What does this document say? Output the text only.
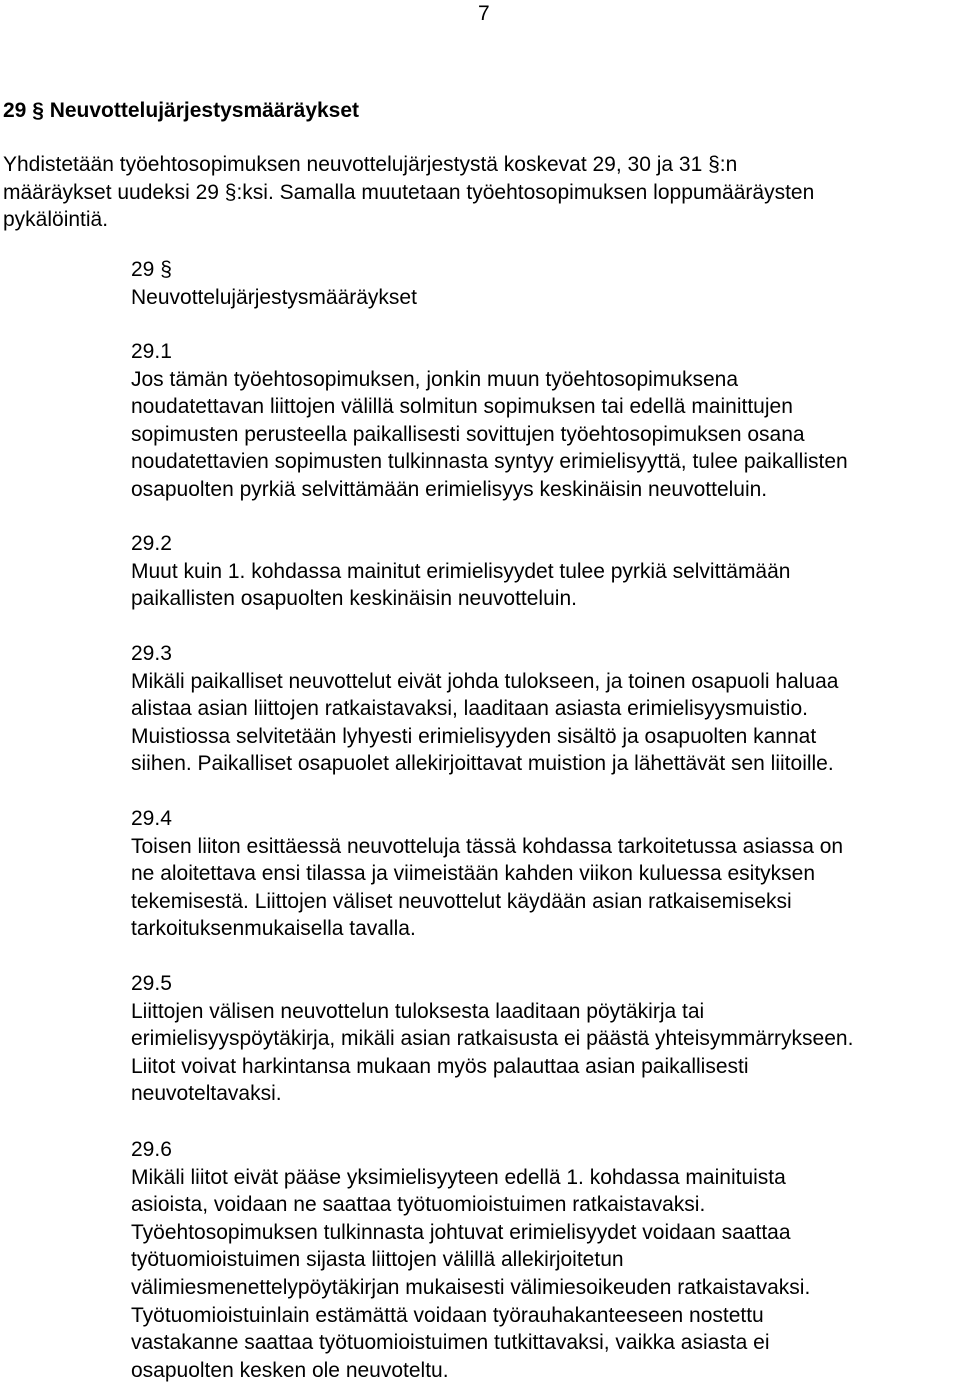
7
29 § Neuvottelujärjestysmääräykset
Yhdistetään työehtosopimuksen neuvottelujärjestystä koskevat 29, 30 ja 31 §:n
määräykset uudeksi 29 §:ksi. Samalla muutetaan työehtosopimuksen loppumääräysten
pykälöintiä.
29 §
Neuvottelujärjestysmääräykset
29.1
Jos tämän työehtosopimuksen, jonkin muun työehtosopimuksena
noudatettavan liittojen välillä solmitun sopimuksen tai edellä mainittujen
sopimusten perusteella paikallisesti sovittujen työehtosopimuksen osana
noudatettavien sopimusten tulkinnasta syntyy erimielisyyttä, tulee paikallisten
osapuolten pyrkiä selvittämään erimielisyys keskinäisin neuvotteluin.
29.2
Muut kuin 1. kohdassa mainitut erimielisyydet tulee pyrkiä selvittämään
paikallisten osapuolten keskinäisin neuvotteluin.
29.3
Mikäli paikalliset neuvottelut eivät johda tulokseen, ja toinen osapuoli haluaa
alistaa asian liittojen ratkaistavaksi, laaditaan asiasta erimielisyysmuistio.
Muistiossa selvitetään lyhyesti erimielisyyden sisältö ja osapuolten kannat
siihen. Paikalliset osapuolet allekirjoittavat muistion ja lähettävät sen liitoille.
29.4
Toisen liiton esittäessä neuvotteluja tässä kohdassa tarkoitetussa asiassa on
ne aloitettava ensi tilassa ja viimeistään kahden viikon kuluessa esityksen
tekemisestä. Liittojen väliset neuvottelut käydään asian ratkaisemiseksi
tarkoituksenmukaisella tavalla.
29.5
Liittojen välisen neuvottelun tuloksesta laaditaan pöytäkirja tai
erimielisyyspöytäkirja, mikäli asian ratkaisusta ei päästä yhteisymmärrykseen.
Liitot voivat harkintansa mukaan myös palauttaa asian paikallisesti
neuvoteltavaksi.
29.6
Mikäli liitot eivät pääse yksimielisyyteen edellä 1. kohdassa mainituista
asioista, voidaan ne saattaa työtuomioistuimen ratkaistavaksi.
Työehtosopimuksen tulkinnasta johtuvat erimielisyydet voidaan saattaa
työtuomioistuimen sijasta liittojen välillä allekirjoitetun
välimiesmenettelypöytäkirjan mukaisesti välimiesoikeuden ratkaistavaksi.
Työtuomioistuinlain estämättä voidaan työrauhakanteeseen nostettu
vastakanne saattaa työtuomioistuimen tutkittavaksi, vaikka asiasta ei
osapuolten kesken ole neuvoteltu.
